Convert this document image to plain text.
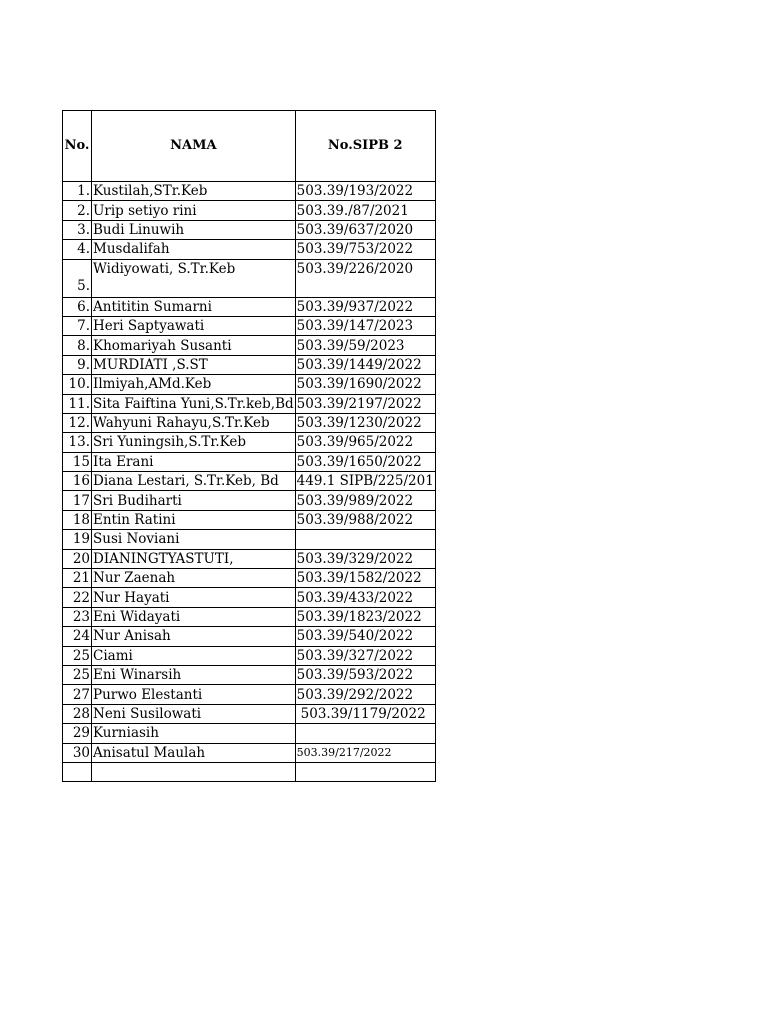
No.	NAMA	No.SIPB 2
1.	Kustilah,STr.Keb	503.39/193/2022
2.	Urip setiyo rini	503.39./87/2021
3.	Budi Linuwih	503.39/637/2020
4.	Musdalifah	503.39/753/2022
5.	Widiyowati, S.Tr.Keb	503.39/226/2020
6.	Antititin Sumarni	503.39/937/2022
7.	Heri Saptyawati	503.39/147/2023
8.	Khomariyah Susanti	503.39/59/2023
9.	MURDIATI ,S.ST	503.39/1449/2022
10.	Ilmiyah,AMd.Keb	503.39/1690/2022
11.	Sita Faiftina Yuni,S.Tr.keb,Bd	503.39/2197/2022
12.	Wahyuni Rahayu,S.Tr.Keb	503.39/1230/2022
13.	Sri Yuningsih,S.Tr.Keb	503.39/965/2022
15	Ita Erani	503.39/1650/2022
16	Diana Lestari, S.Tr.Keb, Bd	449.1 SIPB/225/201
17	Sri Budiharti	503.39/989/2022
18	Entin Ratini	503.39/988/2022
19	Susi Noviani	
20	DIANINGTYASTUTI,	503.39/329/2022
21	Nur Zaenah	503.39/1582/2022
22	Nur Hayati	503.39/433/2022
23	Eni Widayati	503.39/1823/2022
24	Nur Anisah	503.39/540/2022
25	Ciami	503.39/327/2022
25	Eni Winarsih	503.39/593/2022
27	Purwo Elestanti	503.39/292/2022
28	Neni Susilowati	503.39/1179/2022
29	Kurniasih	
30	Anisatul Maulah	503.39/217/2022
